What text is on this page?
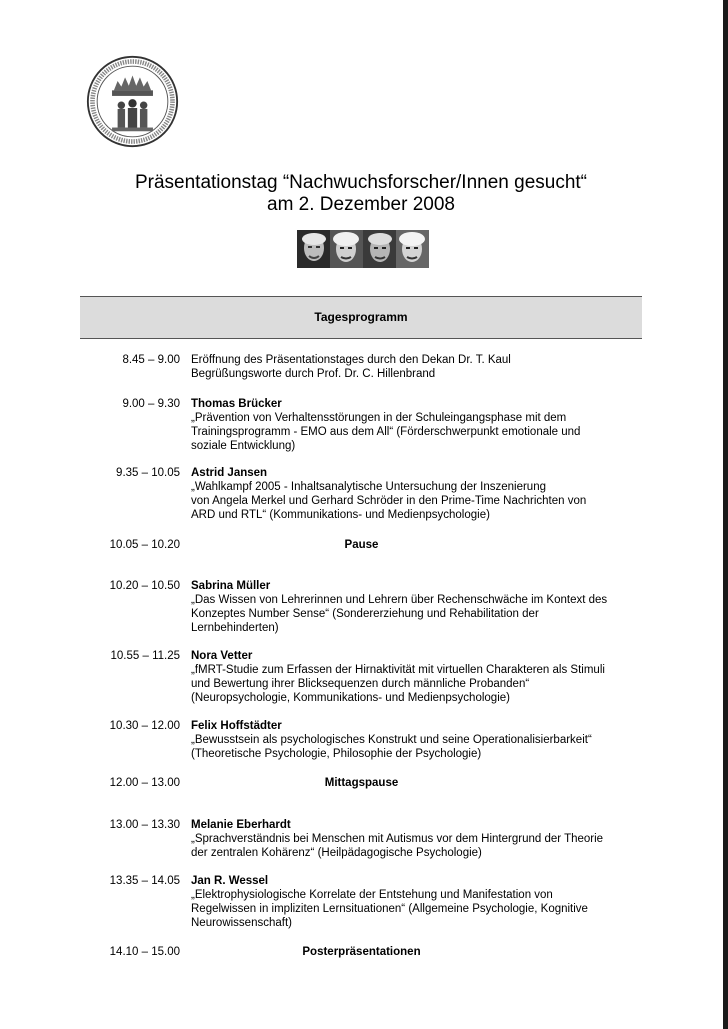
Präsentationstag “Nachwuchsforscher/Innen gesucht“
am 2. Dezember 2008
Tagesprogramm
8.45 – 9.00 Eröffnung des Präsentationstages durch den Dekan Dr. T. Kaul
Begrüßungsworte durch Prof. Dr. C. Hillenbrand
9.00 – 9.30 Thomas Brücker
„Prävention von Verhaltensstörungen in der Schuleingangsphase mit dem
Trainingsprogramm - EMO aus dem All“ (Förderschwerpunkt emotionale und
soziale Entwicklung)
9.35 – 10.05 Astrid Jansen
„Wahlkampf 2005 - Inhaltsanalytische Untersuchung der Inszenierung
von Angela Merkel und Gerhard Schröder in den Prime-Time Nachrichten von
ARD und RTL“ (Kommunikations- und Medienpsychologie)
10.05 – 10.20	Pause
10.20 – 10.50 Sabrina Müller
„Das Wissen von Lehrerinnen und Lehrern über Rechenschwäche im Kontext des
Konzeptes Number Sense“ (Sondererziehung und Rehabilitation der
Lernbehinderten)
10.55 – 11.25 Nora Vetter
„fMRT-Studie zum Erfassen der Hirnaktivität mit virtuellen Charakteren als Stimuli
und Bewertung ihrer Blicksequenzen durch männliche Probanden“
(Neuropsychologie, Kommunikations- und Medienpsychologie)
10.30 – 12.00 Felix Hoffstädter
„Bewusstsein als psychologisches Konstrukt und seine Operationalisierbarkeit“
(Theoretische Psychologie, Philosophie der Psychologie)
12.00 – 13.00	Mittagspause
13.00 – 13.30 Melanie Eberhardt
„Sprachverständnis bei Menschen mit Autismus vor dem Hintergrund der Theorie
der zentralen Kohärenz“ (Heilpädagogische Psychologie)
13.35 – 14.05 Jan R. Wessel
„Elektrophysiologische Korrelate der Entstehung und Manifestation von
Regelwissen in impliziten Lernsituationen“ (Allgemeine Psychologie, Kognitive
Neurowissenschaft)
14.10 – 15.00	Posterpräsentationen
